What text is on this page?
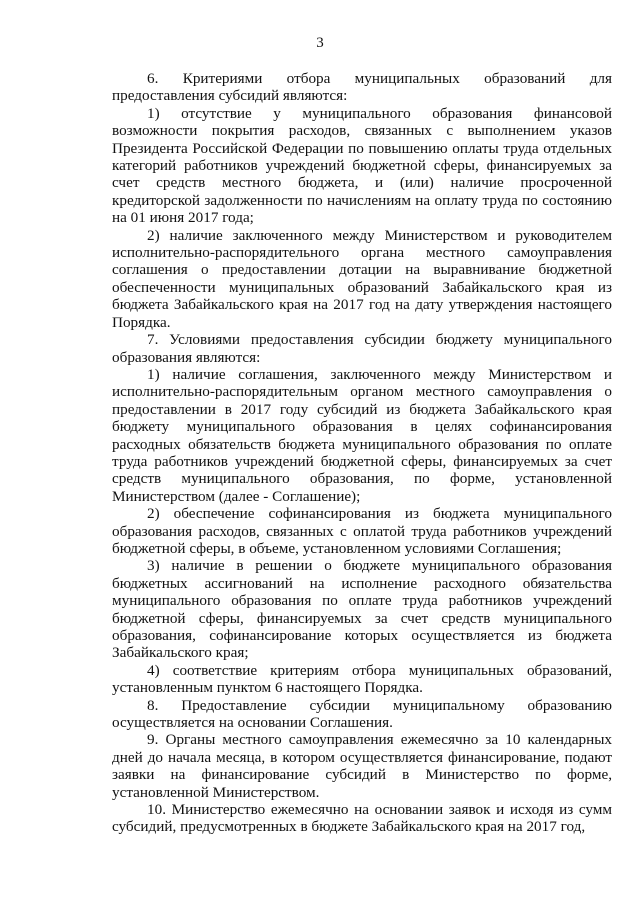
3

6. Критериями отбора муниципальных образований для предоставления субсидий являются:

1) отсутствие у муниципального образования финансовой возможности покрытия расходов, связанных с выполнением указов Президента Российской Федерации по повышению оплаты труда отдельных категорий работников учреждений бюджетной сферы, финансируемых за счет средств местного бюджета, и (или) наличие просроченной кредиторской задолженности по начислениям на оплату труда по состоянию на 01 июня 2017 года;

2) наличие заключенного между Министерством и руководителем исполнительно-распорядительного органа местного самоуправления соглашения о предоставлении дотации на выравнивание бюджетной обеспеченности муниципальных образований Забайкальского края из бюджета Забайкальского края на 2017 год на дату утверждения настоящего Порядка.

7. Условиями предоставления субсидии бюджету муниципального образования являются:

1) наличие соглашения, заключенного между Министерством и исполнительно-распорядительным органом местного самоуправления о предоставлении в 2017 году субсидий из бюджета Забайкальского края бюджету муниципального образования в целях софинансирования расходных обязательств бюджета муниципального образования по оплате труда работников учреждений бюджетной сферы, финансируемых за счет средств муниципального образования, по форме, установленной Министерством (далее - Соглашение);

2) обеспечение софинансирования из бюджета муниципального образования расходов, связанных с оплатой труда работников учреждений бюджетной сферы, в объеме, установленном условиями Соглашения;

3) наличие в решении о бюджете муниципального образования бюджетных ассигнований на исполнение расходного обязательства муниципального образования по оплате труда работников учреждений бюджетной сферы, финансируемых за счет средств муниципального образования, софинансирование которых осуществляется из бюджета Забайкальского края;

4) соответствие критериям отбора муниципальных образований, установленным пунктом 6 настоящего Порядка.

8. Предоставление субсидии муниципальному образованию осуществляется на основании Соглашения.

9. Органы местного самоуправления ежемесячно за 10 календарных дней до начала месяца, в котором осуществляется финансирование, подают заявки на финансирование субсидий в Министерство по форме, установленной Министерством.

10. Министерство ежемесячно на основании заявок и исходя из сумм субсидий, предусмотренных в бюджете Забайкальского края на 2017 год,
